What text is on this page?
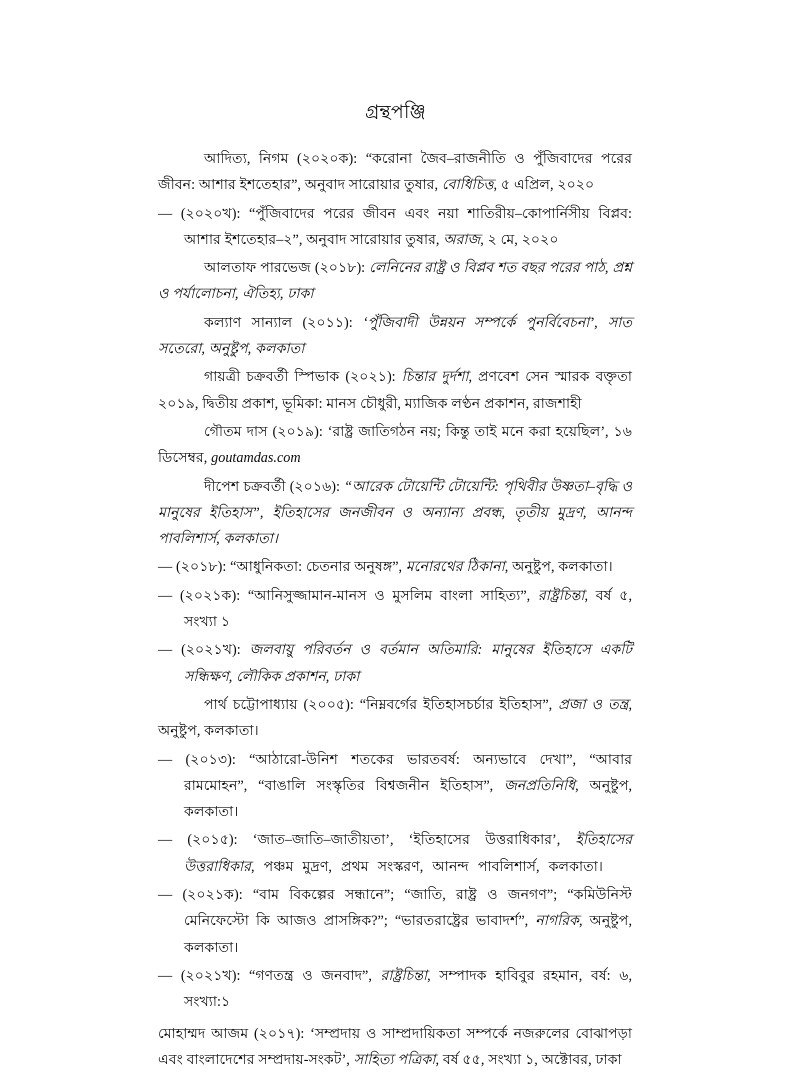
গ্রন্থপঞ্জি

আদিত্য, নিগম (২০২০ক): “করোনা জৈব–রাজনীতি ও পুঁজিবাদের পরের জীবন: আশার ইশতেহার”, অনুবাদ সারোয়ার তুষার, বোধিচিত্ত, ৫ এপ্রিল, ২০২০

— (২০২০খ): “পুঁজিবাদের পরের জীবন এবং নয়া শাতিরীয়–কোপার্নিসীয় বিপ্লব: আশার ইশতেহার–২”, অনুবাদ সারোয়ার তুষার, অরাজ, ২ মে, ২০২০

আলতাফ পারভেজ (২০১৮): লেনিনের রাষ্ট্র ও বিপ্লব শত বছর পরের পাঠ, প্রশ্ন ও পর্যালোচনা, ঐতিহ্য, ঢাকা

কল্যাণ সান্যাল (২০১১): ‘পুঁজিবাদী উন্নয়ন সম্পর্কে পুনর্বিবেচনা’, সাত সতেরো, অনুষ্টুপ, কলকাতা

গায়ত্রী চক্রবর্তী স্পিভাক (২০২১): চিন্তার দুর্দশা, প্রণবেশ সেন স্মারক বক্তৃতা ২০১৯, দ্বিতীয় প্রকাশ, ভূমিকা: মানস চৌধুরী, ম্যাজিক লণ্ঠন প্রকাশন, রাজশাহী

গৌতম দাস (২০১৯): ‘রাষ্ট্র জাতিগঠন নয়; কিন্তু তাই মনে করা হয়েছিল’, ১৬ ডিসেম্বর, goutamdas.com

দীপেশ চক্রবর্তী (২০১৬): “আরেক টোয়েন্টি টোয়েন্টি: পৃথিবীর উষ্ণতা–বৃদ্ধি ও মানুষের ইতিহাস”, ইতিহাসের জনজীবন ও অন্যান্য প্রবন্ধ, তৃতীয় মুদ্রণ, আনন্দ পাবলিশার্স, কলকাতা।

— (২০১৮): “আধুনিকতা: চেতনার অনুষঙ্গ”, মনোরথের ঠিকানা, অনুষ্টুপ, কলকাতা।

— (২০২১ক): “আনিসুজ্জামান-মানস ও মুসলিম বাংলা সাহিত্য”, রাষ্ট্রচিন্তা, বর্ষ ৫, সংখ্যা ১

— (২০২১খ): জলবায়ু পরিবর্তন ও বর্তমান অতিমারি: মানুষের ইতিহাসে একটি সন্ধিক্ষণ, লৌকিক প্রকাশন, ঢাকা

পার্থ চট্টোপাধ্যায় (২০০৫): “নিম্নবর্গের ইতিহাসচর্চার ইতিহাস”, প্রজা ও তন্ত্র, অনুষ্টুপ, কলকাতা।

— (২০১৩): “আঠারো-উনিশ শতকের ভারতবর্ষ: অন্যভাবে দেখা”, “আবার রামমোহন”, “বাঙালি সংস্কৃতির বিশ্বজনীন ইতিহাস”, জনপ্রতিনিধি, অনুষ্টুপ, কলকাতা।

— (২০১৫): ‘জাত–জাতি–জাতীয়তা’, ‘ইতিহাসের উত্তরাধিকার’, ইতিহাসের উত্তরাধিকার, পঞ্চম মুদ্রণ, প্রথম সংস্করণ, আনন্দ পাবলিশার্স, কলকাতা।

— (২০২১ক): “বাম বিকল্পের সন্ধানে”; “জাতি, রাষ্ট্র ও জনগণ”; “কমিউনিস্ট মেনিফেস্টো কি আজও প্রাসঙ্গিক?”; “ভারতরাষ্ট্রের ভাবাদর্শ”, নাগরিক, অনুষ্টুপ, কলকাতা।

— (২০২১খ): “গণতন্ত্র ও জনবাদ”, রাষ্ট্রচিন্তা, সম্পাদক হাবিবুর রহমান, বর্ষ: ৬, সংখ্যা:১

মোহাম্মদ আজম (২০১৭): ‘সম্প্রদায় ও সাম্প্রদায়িকতা সম্পর্কে নজরুলের বোঝাপড়া এবং বাংলাদেশের সম্প্রদায়-সংকট’, সাহিত্য পত্রিকা, বর্ষ ৫৫, সংখ্যা ১, অক্টোবর, ঢাকা
